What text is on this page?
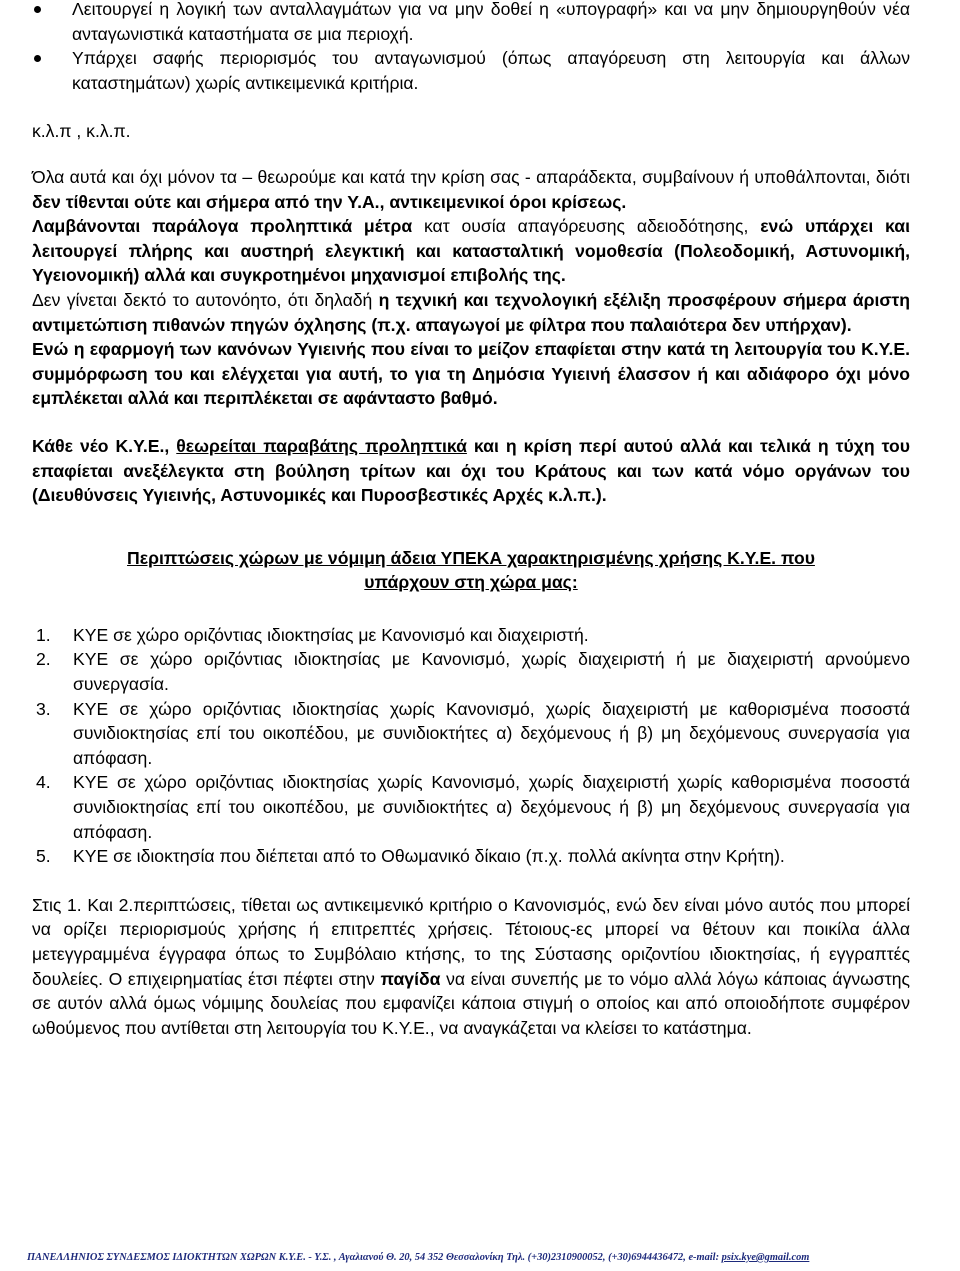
Λειτουργεί η λογική των ανταλλαγμάτων για να μην δοθεί η «υπογραφή» και να μην δημιουργηθούν νέα ανταγωνιστικά καταστήματα σε μια περιοχή.
Υπάρχει σαφής περιορισμός του ανταγωνισμού (όπως απαγόρευση στη λειτουργία και άλλων καταστημάτων) χωρίς αντικειμενικά κριτήρια.

κ.λ.π , κ.λ.π.

Όλα αυτά και όχι μόνον τα – θεωρούμε και κατά την κρίση σας - απαράδεκτα, συμβαίνουν ή υποθάλπονται, διότι δεν τίθενται ούτε και σήμερα από την Υ.Α., αντικειμενικοί όροι κρίσεως.

Λαμβάνονται παράλογα προληπτικά μέτρα κατ ουσία απαγόρευσης αδειοδότησης, ενώ υπάρχει και λειτουργεί πλήρης και αυστηρή ελεγκτική και κατασταλτική νομοθεσία (Πολεοδομική, Αστυνομική, Υγειονομική) αλλά και συγκροτημένοι μηχανισμοί επιβολής της.

Δεν γίνεται δεκτό το αυτονόητο, ότι δηλαδή η τεχνική και τεχνολογική εξέλιξη προσφέρουν σήμερα άριστη αντιμετώπιση πιθανών πηγών όχλησης (π.χ. απαγωγοί με φίλτρα που παλαιότερα δεν υπήρχαν).

Ενώ η εφαρμογή των κανόνων Υγιεινής που είναι το μείζον επαφίεται στην κατά τη λειτουργία του Κ.Υ.Ε. συμμόρφωση του και ελέγχεται για αυτή, το για τη Δημόσια Υγιεινή έλασσον ή και αδιάφορο όχι μόνο εμπλέκεται αλλά και περιπλέκεται σε αφάνταστο βαθμό.

Κάθε νέο Κ.Υ.Ε., θεωρείται παραβάτης προληπτικά και η κρίση περί αυτού αλλά και τελικά η τύχη του επαφίεται ανεξέλεγκτα στη βούληση τρίτων και όχι του Κράτους και των κατά νόμο οργάνων του (Διευθύνσεις Υγιεινής, Αστυνομικές και Πυροσβεστικές Αρχές κ.λ.π.).

Περιπτώσεις χώρων με νόμιμη άδεια ΥΠΕΚΑ χαρακτηρισμένης χρήσης Κ.Υ.Ε. που
υπάρχουν στη χώρα μας:
1. ΚΥΕ σε χώρο οριζόντιας ιδιοκτησίας με Κανονισμό και διαχειριστή.
2. ΚΥΕ σε χώρο οριζόντιας ιδιοκτησίας με Κανονισμό, χωρίς διαχειριστή ή με διαχειριστή αρνούμενο συνεργασία.
3. ΚΥΕ σε χώρο οριζόντιας ιδιοκτησίας χωρίς Κανονισμό, χωρίς διαχειριστή με καθορισμένα ποσοστά συνιδιοκτησίας επί του οικοπέδου, με συνιδιοκτήτες α) δεχόμενους ή β) μη δεχόμενους συνεργασία για απόφαση.
4. ΚΥΕ σε χώρο οριζόντιας ιδιοκτησίας χωρίς Κανονισμό, χωρίς διαχειριστή χωρίς καθορισμένα ποσοστά συνιδιοκτησίας επί του οικοπέδου, με συνιδιοκτήτες α) δεχόμενους ή β) μη δεχόμενους συνεργασία για απόφαση.
5. ΚΥΕ σε ιδιοκτησία που διέπεται από το Οθωμανικό δίκαιο (π.χ. πολλά ακίνητα στην Κρήτη).

Στις 1. Και 2.περιπτώσεις, τίθεται ως αντικειμενικό κριτήριο ο Κανονισμός, ενώ δεν είναι μόνο αυτός που μπορεί να ορίζει περιορισμούς χρήσης ή επιτρεπτές χρήσεις. Τέτοιους-ες μπορεί να θέτουν και ποικίλα άλλα μετεγγραμμένα έγγραφα όπως το Συμβόλαιο κτήσης, το της Σύστασης οριζοντίου ιδιοκτησίας, ή εγγραπτές δουλείες. Ο επιχειρηματίας έτσι πέφτει στην παγίδα να είναι συνεπής με το νόμο αλλά λόγω κάποιας άγνωστης σε αυτόν αλλά όμως νόμιμης δουλείας που εμφανίζει κάποια στιγμή ο οποίος και από οποιοδήποτε συμφέρον ωθούμενος που αντίθεται στη λειτουργία του Κ.Υ.Ε., να αναγκάζεται να κλείσει το κατάστημα.

ΠΑΝΕΛΛΗΝΙΟΣ ΣΥΝΔΕΣΜΟΣ ΙΔΙΟΚΤΗΤΩΝ ΧΩΡΩΝ Κ.Υ.Ε. - Υ.Σ. , Αγαλιανού Θ. 20, 54 352 Θεσσαλονίκη Τηλ. (+30)2310900052, (+30)6944436472, e-mail: psix.kye@gmail.com
